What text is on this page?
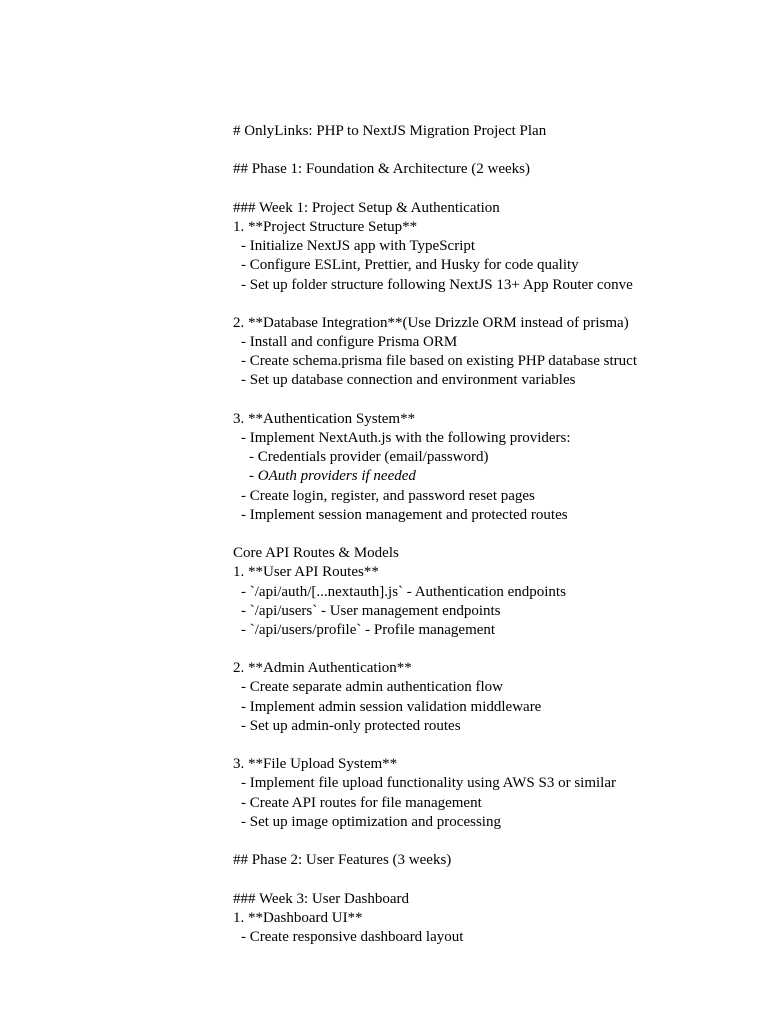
# OnlyLinks: PHP to NextJS Migration Project Plan
## Phase 1: Foundation & Architecture (2 weeks)
### Week 1: Project Setup & Authentication
1. **Project Structure Setup**
- Initialize NextJS app with TypeScript
- Configure ESLint, Prettier, and Husky for code quality
- Set up folder structure following NextJS 13+ App Router conve
2. **Database Integration**(Use Drizzle ORM instead of prisma)
- Install and configure Prisma ORM
- Create schema.prisma file based on existing PHP database struct
- Set up database connection and environment variables
3. **Authentication System**
- Implement NextAuth.js with the following providers:
- Credentials provider (email/password)
- OAuth providers if needed
- Create login, register, and password reset pages
- Implement session management and protected routes
Core API Routes & Models
1. **User API Routes**
- `/api/auth/[...nextauth].js` - Authentication endpoints
- `/api/users` - User management endpoints
- `/api/users/profile` - Profile management
2. **Admin Authentication**
- Create separate admin authentication flow
- Implement admin session validation middleware
- Set up admin-only protected routes
3. **File Upload System**
- Implement file upload functionality using AWS S3 or similar
- Create API routes for file management
- Set up image optimization and processing
## Phase 2: User Features (3 weeks)
### Week 3: User Dashboard
1. **Dashboard UI**
- Create responsive dashboard layout
